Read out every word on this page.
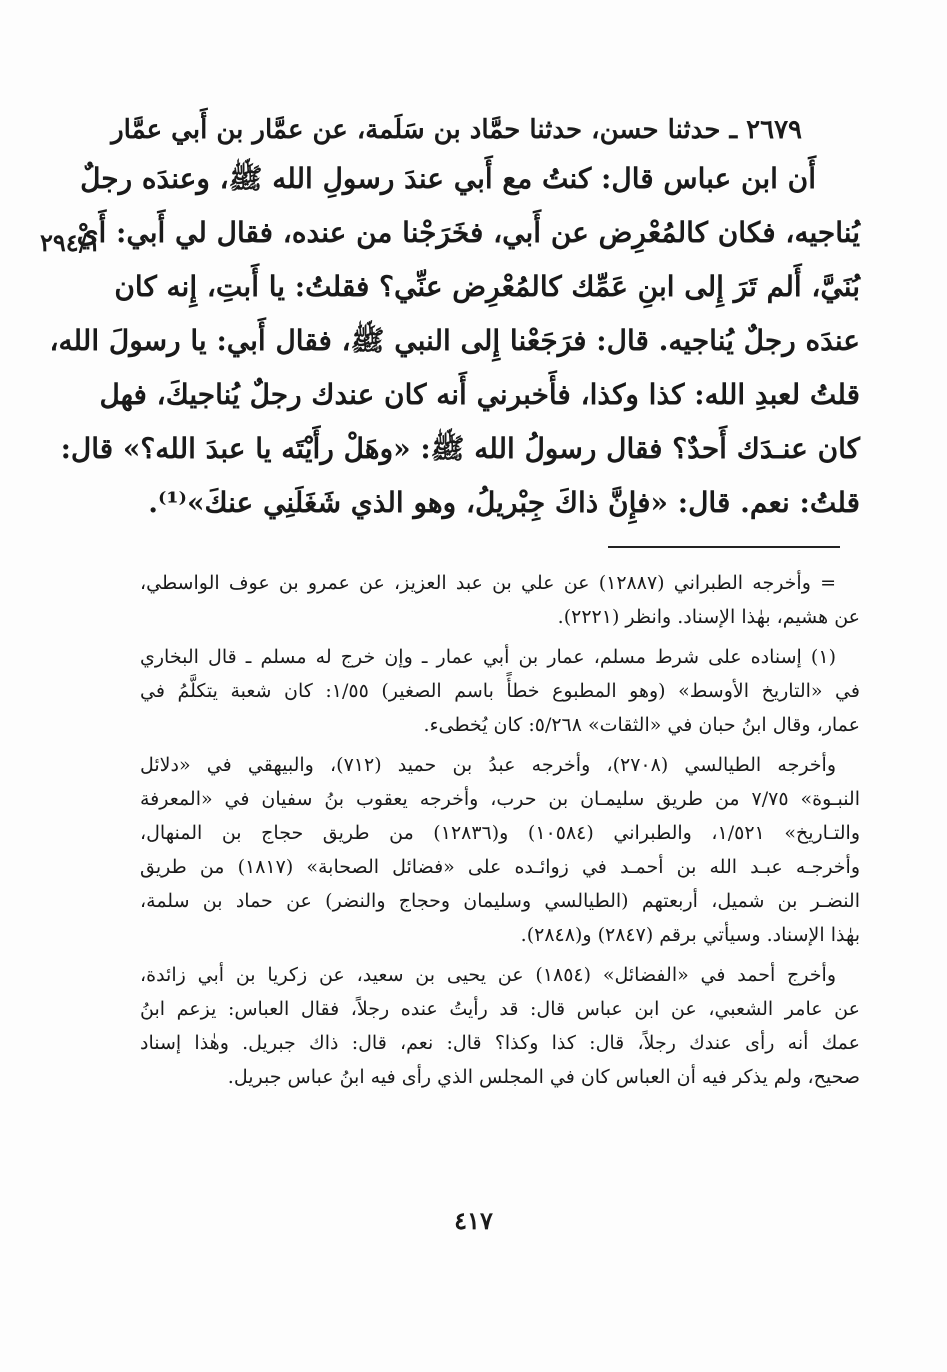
٢٩٤/١

٢٦٧٩ ـ حدثنا حسن، حدثنا حمَّاد بن سَلَمة، عن عمَّار بن أَبي عمَّار

أَن ابن عباس قال: كنتُ مع أَبي عندَ رسولِ الله ﷺ، وعندَه رجلٌ

يُناجيه، فكان كالمُعْرِض عن أَبي، فخَرَجْنا من عنده، فقال لي أَبي: أَيْ

بُنَيَّ، أَلم تَرَ إِلى ابنِ عَمِّك كالمُعْرِض عنِّي؟ فقلتُ: يا أَبتِ، إِنه كان

عندَه رجلٌ يُناجيه. قال: فرَجَعْنا إِلى النبي ﷺ، فقال أَبي: يا رسولَ الله،

قلتُ لعبدِ الله: كذا وكذا، فأَخبرني أَنه كان عندك رجلٌ يُناجيكَ، فهل

كان عنـدَك أَحدٌ؟ فقال رسولُ الله ﷺ: «وهَلْ رأَيْتَه يا عبدَ الله؟» قال:

قلتُ: نعم. قال: «فإِنَّ ذاكَ جِبْريلُ، وهو الذي شَغَلَنِي عنكَ»⁽¹⁾.

= وأخرجه الطبراني (١٢٨٨٧) عن علي بن عبد العزيز، عن عمرو بن عوف الواسطي،

عن هشيم، بهٰذا الإسناد. وانظر (٢٢٢١).

(١) إسناده على شرط مسلم، عمار بن أبي عمار ـ وإن خرج له مسلم ـ قال البخاري

في «التاريخ الأوسط» (وهو المطبوع خطأً باسم الصغير) ١/٥٥: كان شعبة يتكلَّمُ في

عمار، وقال ابنُ حبان في «الثقات» ٥/٢٦٨: كان يُخطىء.

وأخرجه الطيالسي (٢٧٠٨)، وأخرجه عبدُ بن حميد (٧١٢)، والبيهقي في «دلائل

النبـوة» ٧/٧٥ من طريق سليمـان بن حرب، وأخرجه يعقوب بنُ سفيان في «المعرفة

والتـاريخ» ١/٥٢١، والطبراني (١٠٥٨٤) و(١٢٨٣٦) من طريق حجاج بن المنهال،

وأخرجـه عبـد الله بن أحمـد في زوائـده على «فضائل الصحابة» (١٨١٧) من طريق

النضـر بن شميل، أربعتهم (الطيالسي وسليمان وحجاج والنضر) عن حماد بن سلمة،

بهٰذا الإسناد. وسيأتي برقم (٢٨٤٧) و(٢٨٤٨).

وأخرج أحمد في «الفضائل» (١٨٥٤) عن يحيى بن سعيد، عن زكريا بن أبي زائدة،

عن عامر الشعبي، عن ابن عباس قال: قد رأيتُ عنده رجلاً، فقال العباس: يزعم ابنُ

عمك أنه رأى عندك رجلاً، قال: كذا وكذا؟ قال: نعم، قال: ذاك جبريل. وهٰذا إسناد

صحيح، ولم يذكر فيه أن العباس كان في المجلس الذي رأى فيه ابنُ عباس جبريل.

٤١٧
